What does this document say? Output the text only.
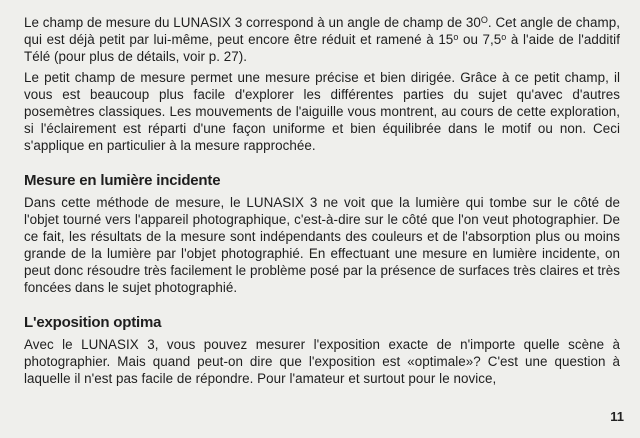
Le champ de mesure du LUNASIX 3 correspond à un angle de champ de $30^O$. Cet angle de champ, qui est déjà petit par lui-même, peut encore être réduit et ramené à 15$^o$ ou 7,5$^o$ à l'aide de l'additif Télé (pour plus de détails, voir p. 27).

Le petit champ de mesure permet une mesure précise et bien dirigée. Grâce à ce petit champ, il vous est beaucoup plus facile d'explorer les différentes parties du sujet qu'avec d'autres posemètres classiques. Les mouvements de l'aiguille vous montrent, au cours de cette exploration, si l'éclairement est réparti d'une façon uniforme et bien équilibrée dans le motif ou non. Ceci s'applique en particulier à la mesure rapprochée.

Mesure en lumière incidente

Dans cette méthode de mesure, le LUNASIX 3 ne voit que la lumière qui tombe sur le côté de l'objet tourné vers l'appareil photographique, c'est-à-dire sur le côté que l'on veut photographier. De ce fait, les résultats de la mesure sont indépendants des couleurs et de l'absorption plus ou moins grande de la lumière par l'objet photographié. En effectuant une mesure en lumière incidente, on peut donc résoudre très facilement le problème posé par la présence de surfaces très claires et très foncées dans le sujet photographié.

L'exposition optima

Avec le LUNASIX 3, vous pouvez mesurer l'exposition exacte de n'importe quelle scène à photographier. Mais quand peut-on dire que l'exposition est «optimale»? C'est une question à laquelle il n'est pas facile de répondre. Pour l'amateur et surtout pour le novice,

11
